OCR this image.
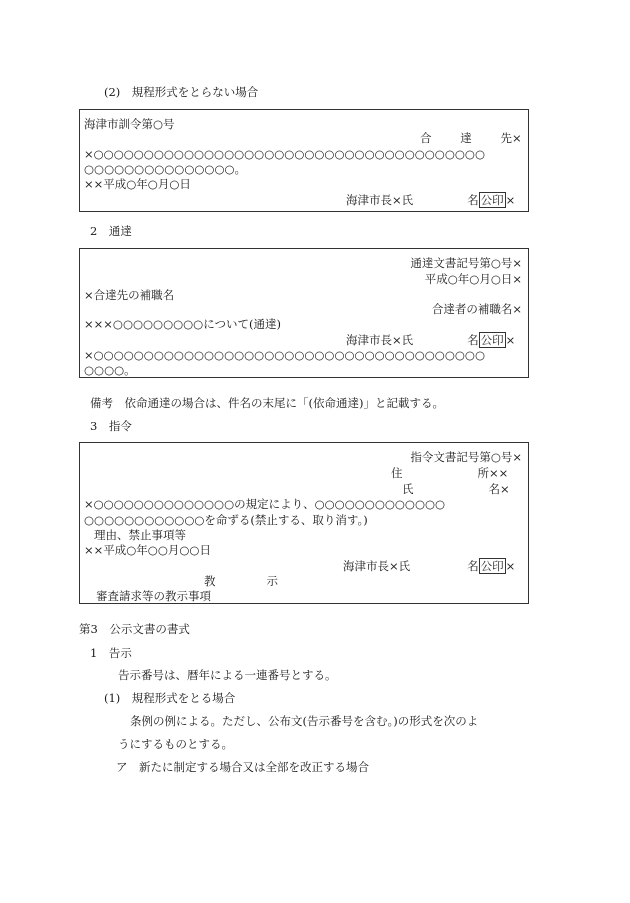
(2)　規程形式をとらない場合
海津市訓令第○号
合	達	先 ×
×○○○○○○○○○○○○○○○○○○○○○○○○○○○○○○○○○○○○○○○
○○○○○○○○○○○○○○○。
××平成○年○月○日
海津市長×氏	名 公印 ×
2　通達
通達文書記号第○号×
平成○年○月○日×
×合達先の補職名
合達者の補職名×
×××○○○○○○○○○について(通達)
海津市長×氏	名 公印 ×
×○○○○○○○○○○○○○○○○○○○○○○○○○○○○○○○○○○○○○○○
○○○○。
備考　依命通達の場合は、件名の末尾に「(依命通達)」と記載する。
3　指令
指令文書記号第○号×
住	所 ××
氏	名 ×
×○○○○○○○○○○○○○○の規定により、○○○○○○○○○○○○○
○○○○○○○○○○○○を命ずる(禁止する、取り消す。)
理由、禁止事項等
××平成○年○○月○○日
海津市長×氏	名 公印 ×
教	示
審査請求等の教示事項
第3　公示文書の書式
1　告示
告示番号は、暦年による一連番号とする。
(1)　規程形式をとる場合
条例の例による。ただし、公布文(告示番号を含む。)の形式を次のよ
うにするものとする。
ア　新たに制定する場合又は全部を改正する場合
